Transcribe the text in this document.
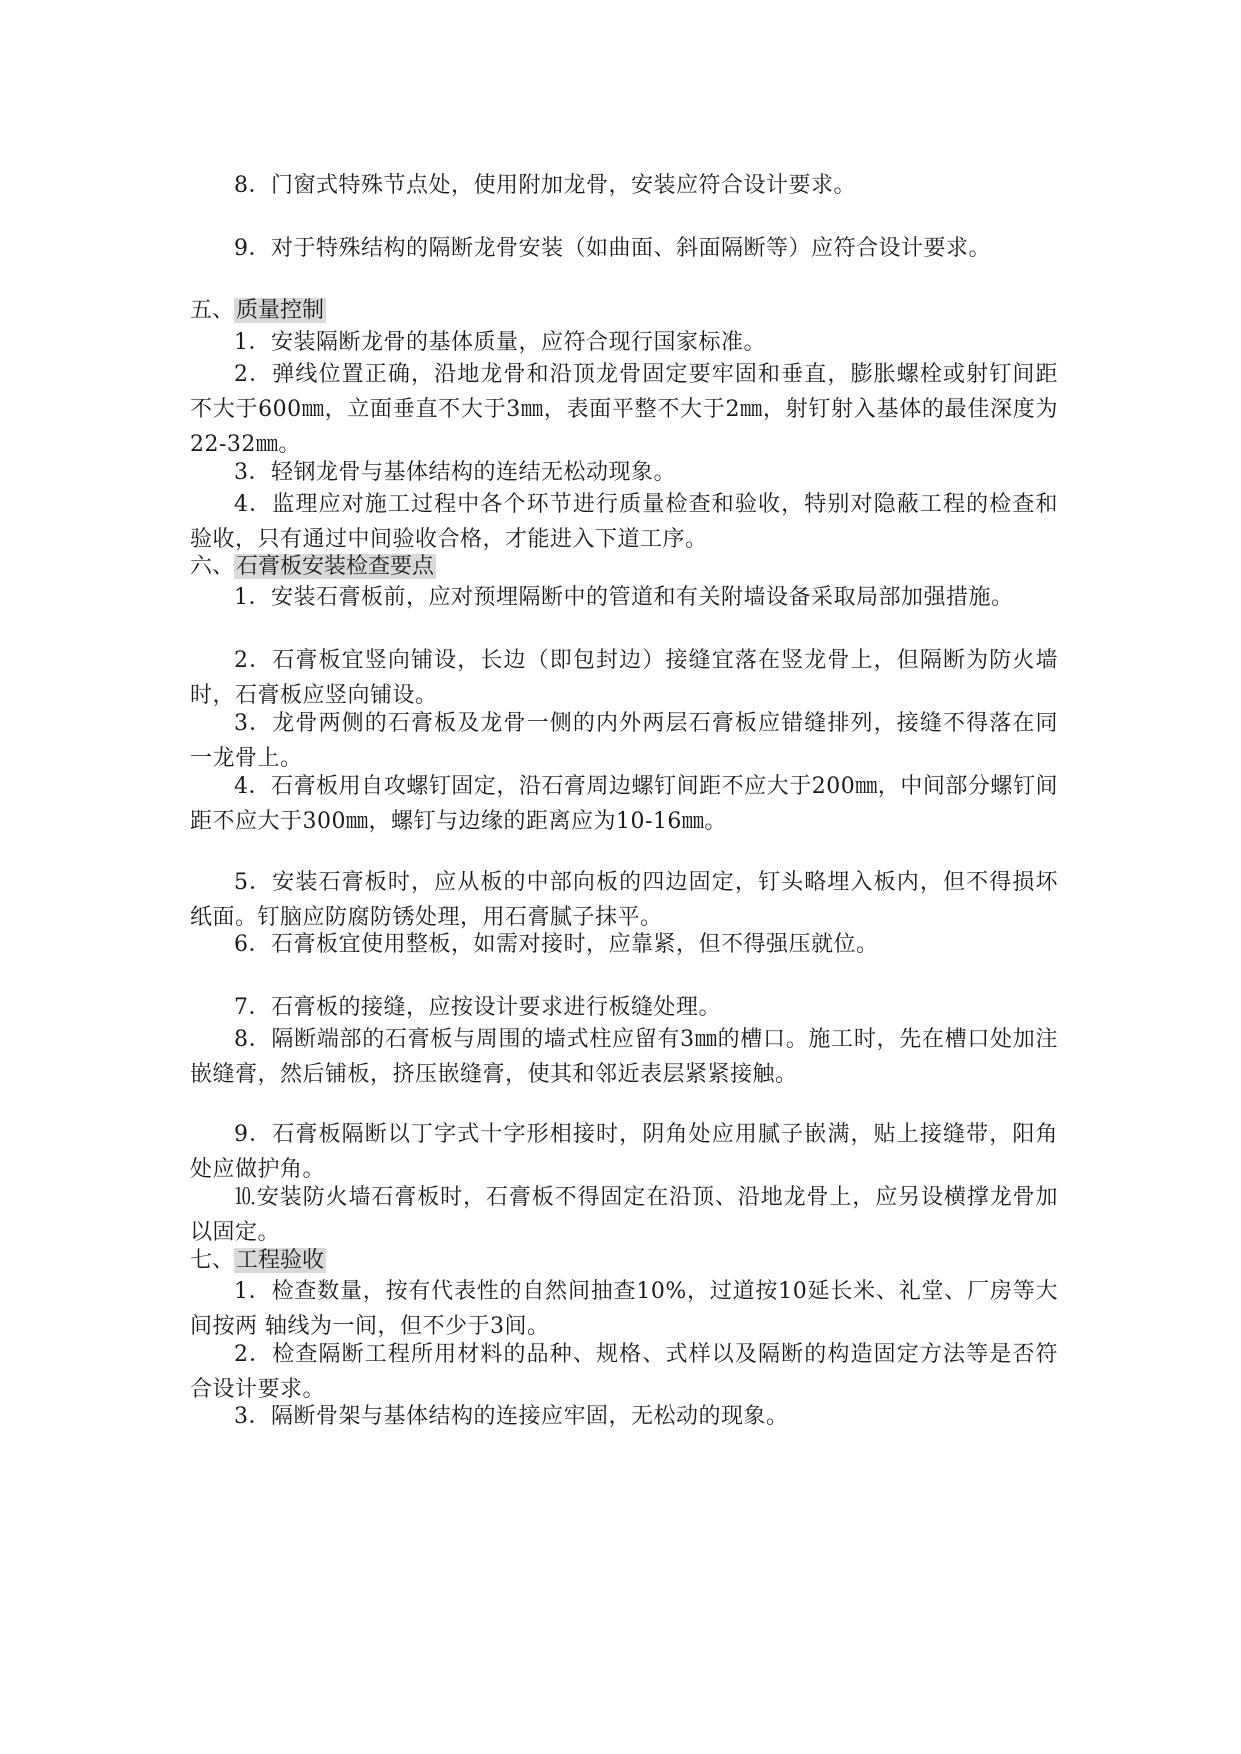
8．门窗式特殊节点处，使用附加龙骨，安装应符合设计要求。

9．对于特殊结构的隔断龙骨安装（如曲面、斜面隔断等）应符合设计要求。

五、质量控制

1．安装隔断龙骨的基体质量，应符合现行国家标准。

2．弹线位置正确，沿地龙骨和沿顶龙骨固定要牢固和垂直，膨胀螺栓或射钉间距不大于600㎜，立面垂直不大于3㎜，表面平整不大于2㎜，射钉射入基体的最佳深度为22-32㎜。

3．轻钢龙骨与基体结构的连结无松动现象。

4．监理应对施工过程中各个环节进行质量检查和验收，特别对隐蔽工程的检查和验收，只有通过中间验收合格，才能进入下道工序。

六、石膏板安装检查要点

1．安装石膏板前，应对预埋隔断中的管道和有关附墙设备采取局部加强措施。

2．石膏板宜竖向铺设，长边（即包封边）接缝宜落在竖龙骨上，但隔断为防火墙时，石膏板应竖向铺设。

3．龙骨两侧的石膏板及龙骨一侧的内外两层石膏板应错缝排列，接缝不得落在同一龙骨上。

4．石膏板用自攻螺钉固定，沿石膏周边螺钉间距不应大于200㎜，中间部分螺钉间距不应大于300㎜，螺钉与边缘的距离应为10-16㎜。

5．安装石膏板时，应从板的中部向板的四边固定，钉头略埋入板内，但不得损坏纸面。钉脑应防腐防锈处理，用石膏腻子抹平。

6．石膏板宜使用整板，如需对接时，应靠紧，但不得强压就位。

7．石膏板的接缝，应按设计要求进行板缝处理。

8．隔断端部的石膏板与周围的墙式柱应留有3㎜的槽口。施工时，先在槽口处加注嵌缝膏，然后铺板，挤压嵌缝膏，使其和邻近表层紧紧接触。

9．石膏板隔断以丁字式十字形相接时，阴角处应用腻子嵌满，贴上接缝带，阳角处应做护角。

⒑安装防火墙石膏板时，石膏板不得固定在沿顶、沿地龙骨上，应另设横撑龙骨加以固定。

七、工程验收

1．检查数量，按有代表性的自然间抽查10%，过道按10延长米、礼堂、厂房等大间按两 轴线为一间，但不少于3间。

2．检查隔断工程所用材料的品种、规格、式样以及隔断的构造固定方法等是否符合设计要求。

3．隔断骨架与基体结构的连接应牢固，无松动的现象。
